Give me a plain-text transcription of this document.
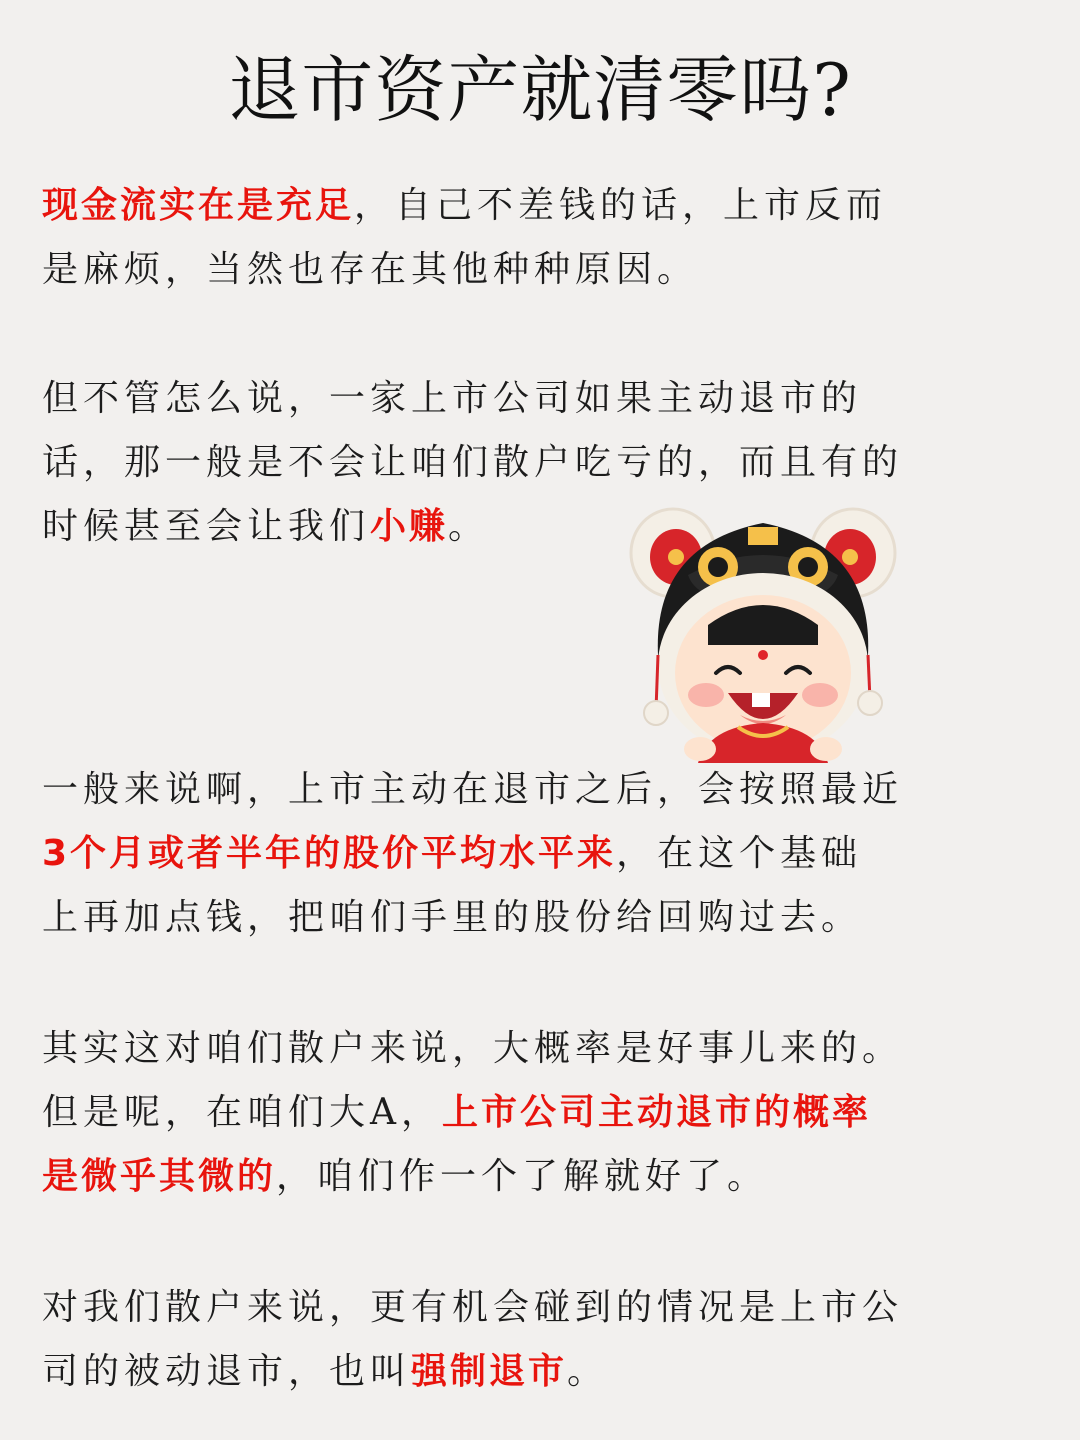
退市资产就清零吗?
现金流实在是充足，自己不差钱的话，上市反而
是麻烦，当然也存在其他种种原因。
但不管怎么说，一家上市公司如果主动退市的
话，那一般是不会让咱们散户吃亏的，而且有的
时候甚至会让我们小赚。
一般来说啊，上市主动在退市之后，会按照最近
3个月或者半年的股价平均水平来，在这个基础
上再加点钱，把咱们手里的股份给回购过去。
其实这对咱们散户来说，大概率是好事儿来的。
但是呢，在咱们大A，上市公司主动退市的概率
是微乎其微的，咱们作一个了解就好了。
对我们散户来说，更有机会碰到的情况是上市公
司的被动退市，也叫强制退市。
